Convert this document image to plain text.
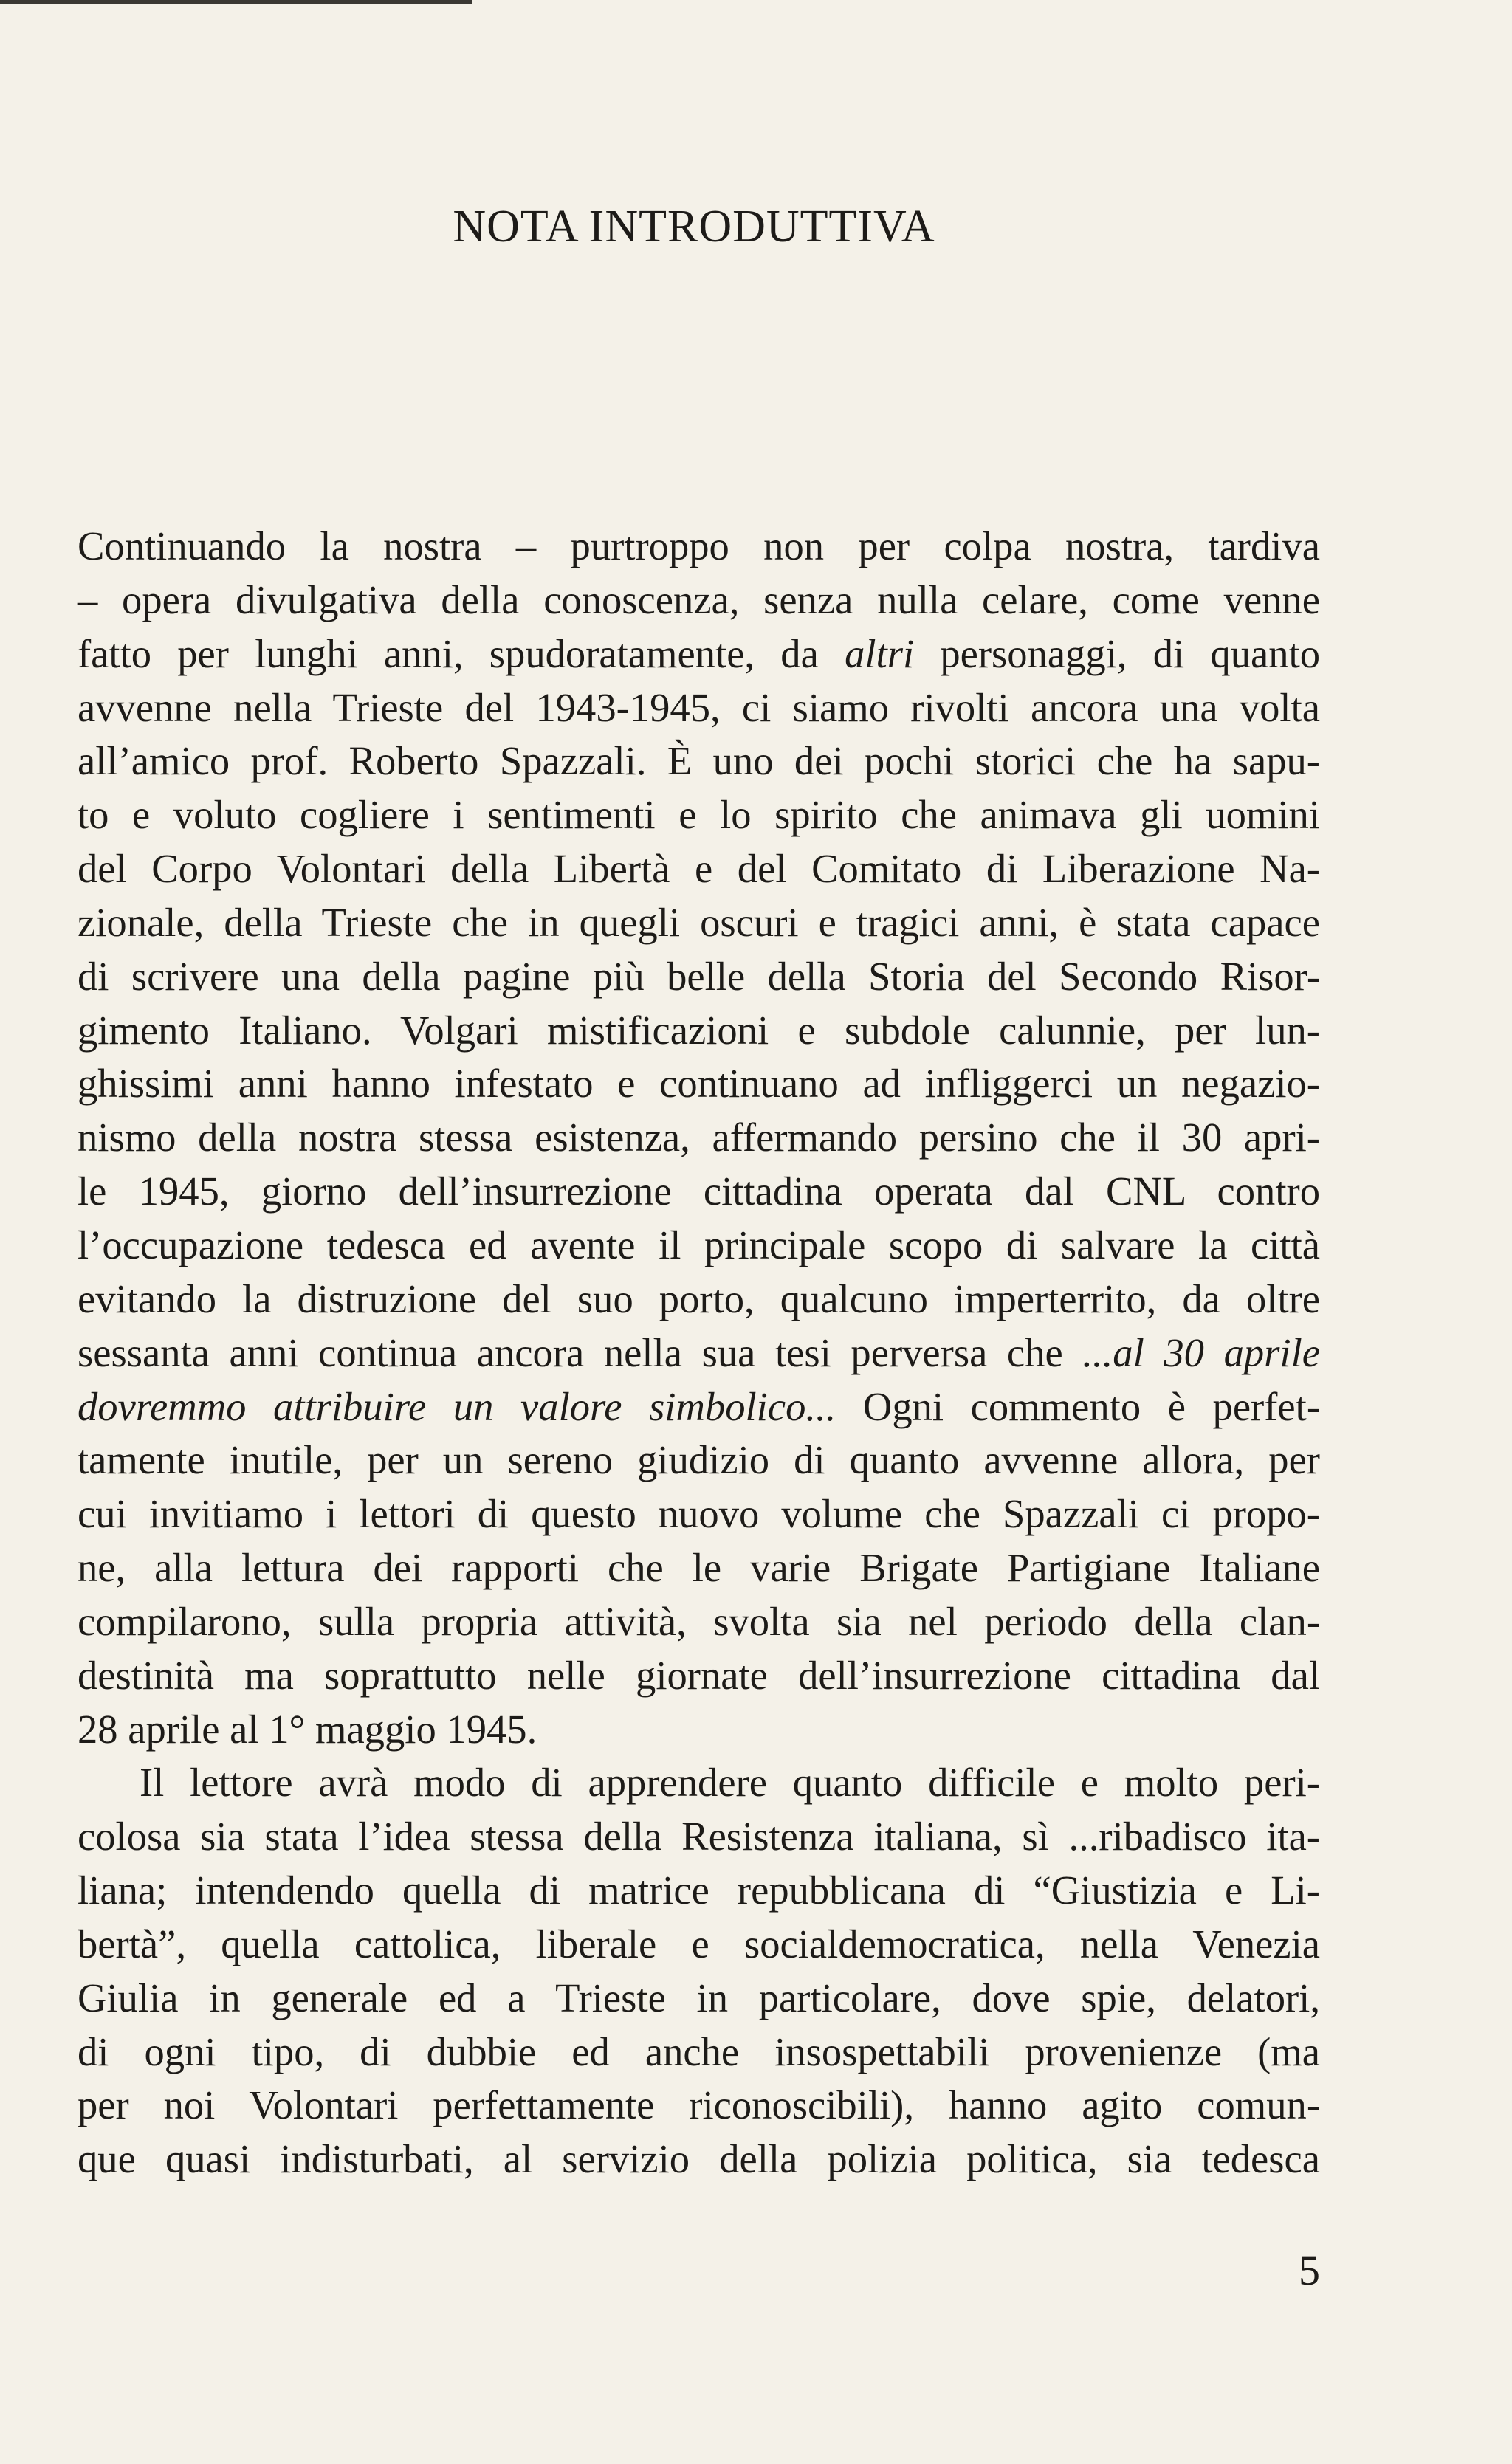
NOTA INTRODUTTIVA
Continuando la nostra – purtroppo non per colpa nostra, tardiva
– opera divulgativa della conoscenza, senza nulla celare, come venne
fatto per lunghi anni, spudoratamente, da altri personaggi, di quanto
avvenne nella Trieste del 1943-1945, ci siamo rivolti ancora una volta
all’amico prof. Roberto Spazzali. È uno dei pochi storici che ha sapu-
to e voluto cogliere i sentimenti e lo spirito che animava gli uomini
del Corpo Volontari della Libertà e del Comitato di Liberazione Na-
zionale, della Trieste che in quegli oscuri e tragici anni, è stata capace
di scrivere una della pagine più belle della Storia del Secondo Risor-
gimento Italiano. Volgari mistificazioni e subdole calunnie, per lun-
ghissimi anni hanno infestato e continuano ad infliggerci un negazio-
nismo della nostra stessa esistenza, affermando persino che il 30 apri-
le 1945, giorno dell’insurrezione cittadina operata dal CNL contro
l’occupazione tedesca ed avente il principale scopo di salvare la città
evitando la distruzione del suo porto, qualcuno imperterrito, da oltre
sessanta anni continua ancora nella sua tesi perversa che ...al 30 aprile
dovremmo attribuire un valore simbolico... Ogni commento è perfet-
tamente inutile, per un sereno giudizio di quanto avvenne allora, per
cui invitiamo i lettori di questo nuovo volume che Spazzali ci propo-
ne, alla lettura dei rapporti che le varie Brigate Partigiane Italiane
compilarono, sulla propria attività, svolta sia nel periodo della clan-
destinità ma soprattutto nelle giornate dell’insurrezione cittadina dal
28 aprile al 1° maggio 1945.
Il lettore avrà modo di apprendere quanto difficile e molto peri-
colosa sia stata l’idea stessa della Resistenza italiana, sì ...ribadisco ita-
liana; intendendo quella di matrice repubblicana di “Giustizia e Li-
bertà”, quella cattolica, liberale e socialdemocratica, nella Venezia
Giulia in generale ed a Trieste in particolare, dove spie, delatori,
di ogni tipo, di dubbie ed anche insospettabili provenienze (ma
per noi Volontari perfettamente riconoscibili), hanno agito comun-
que quasi indisturbati, al servizio della polizia politica, sia tedesca

5
